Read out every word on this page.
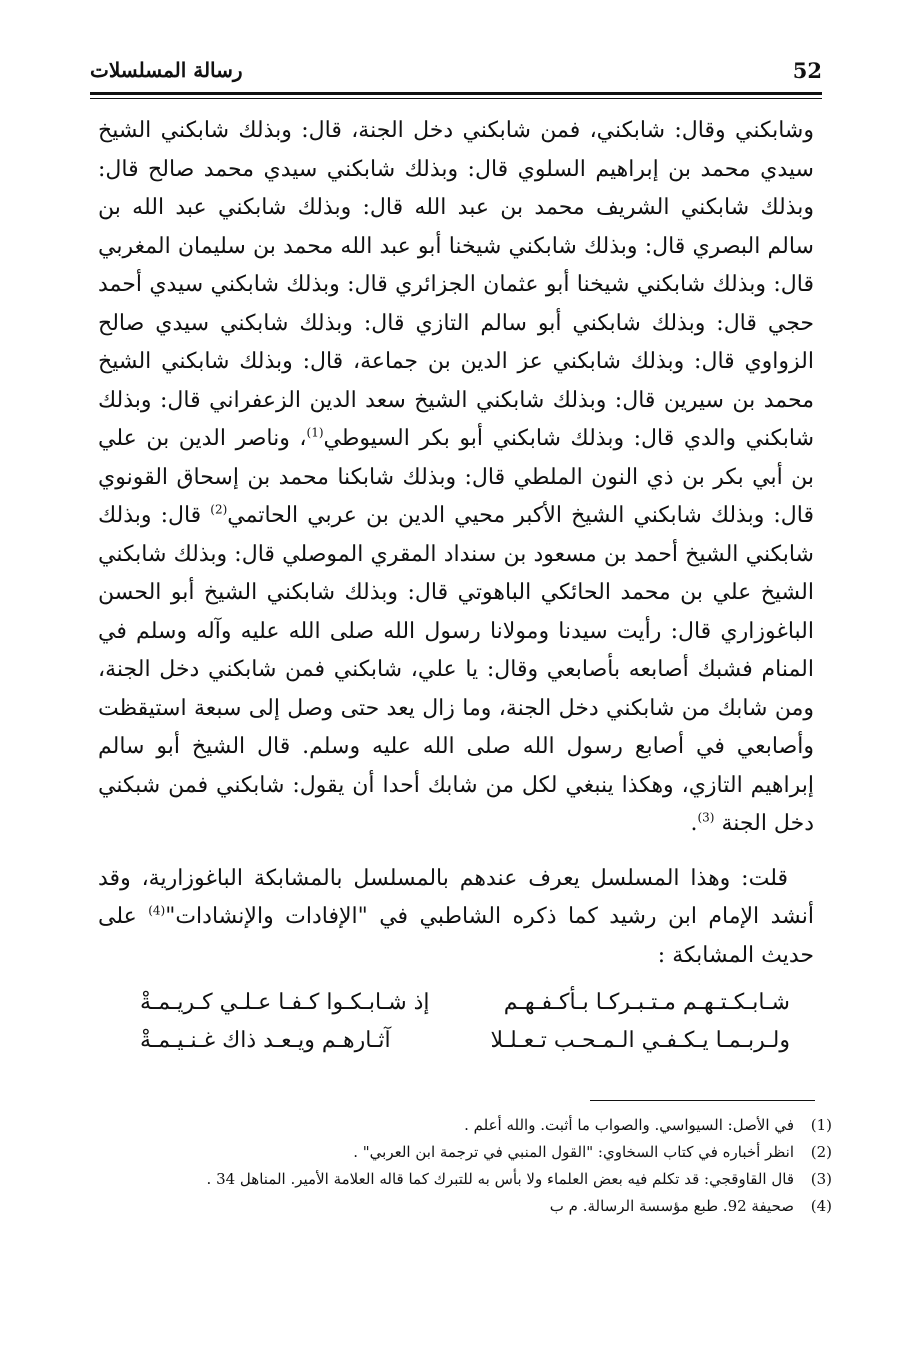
52
رسالة المسلسلات

وشابكني وقال: شابكني، فمن شابكني دخل الجنة، قال: وبذلك شابكني الشيخ سيدي محمد بن إبراهيم السلوي قال: وبذلك شابكني سيدي محمد صالح قال: وبذلك شابكني الشريف محمد بن عبد الله قال: وبذلك شابكني عبد الله بن سالم البصري قال: وبذلك شابكني شيخنا أبو عبد الله محمد بن سليمان المغربي قال: وبذلك شابكني شيخنا أبو عثمان الجزائري قال: وبذلك شابكني سيدي أحمد حجي قال: وبذلك شابكني أبو سالم التازي قال: وبذلك شابكني سيدي صالح الزواوي قال: وبذلك شابكني عز الدين بن جماعة، قال: وبذلك شابكني الشيخ محمد بن سيرين قال: وبذلك شابكني الشيخ سعد الدين الزعفراني قال: وبذلك شابكني والدي قال: وبذلك شابكني أبو بكر السيوطي$^{(1)}$، وناصر الدين بن علي بن أبي بكر بن ذي النون الملطي قال: وبذلك شابكنا محمد بن إسحاق القونوي قال: وبذلك شابكني الشيخ الأكبر محيي الدين بن عربي الحاتمي$^{(2)}$ قال: وبذلك شابكني الشيخ أحمد بن مسعود بن سنداد المقري الموصلي قال: وبذلك شابكني الشيخ علي بن محمد الحائكي الباهوتي قال: وبذلك شابكني الشيخ أبو الحسن الباغوزاري قال: رأيت سيدنا ومولانا رسول الله صلى الله عليه وآله وسلم في المنام فشبك أصابعه بأصابعي وقال: يا علي، شابكني فمن شابكني دخل الجنة، ومن شابك من شابكني دخل الجنة، وما زال يعد حتى وصل إلى سبعة استيقظت وأصابعي في أصابع رسول الله صلى الله عليه وسلم. قال الشيخ أبو سالم إبراهيم التازي، وهكذا ينبغي لكل من شابك أحدا أن يقول: شابكني فمن شبكني دخل الجنة $^{(3)}$.

قلت: وهذا المسلسل يعرف عندهم بالمسلسل بالمشابكة الباغوزارية، وقد أنشد الإمام ابن رشيد كما ذكره الشاطبي في "الإفادات والإنشادات"$^{(4)}$ على حديث المشابكة :

شـابـكـتـهـم مـتـبـركـا بـأكـفـهـم
إذ شـابـكـوا كـفـا عـلـي كـريـمـةْ
ولـربـمـا يـكـفـي الـمـحـب تـعـلـلا
آثـارهـم ويـعـد ذاك غـنـيـمـةْ
(1)
في الأصل: السيواسي. والصواب ما أثبت. والله أعلم .
(2)
انظر أخباره في كتاب السخاوي: "القول المنبي في ترجمة ابن العربي" .
(3)
قال القاوقجي: قد تكلم فيه بعض العلماء ولا بأس به للتبرك كما قاله العلامة الأمير. المناهل 34 .
(4)
صحيفة 92. طبع مؤسسة الرسالة. م ب
